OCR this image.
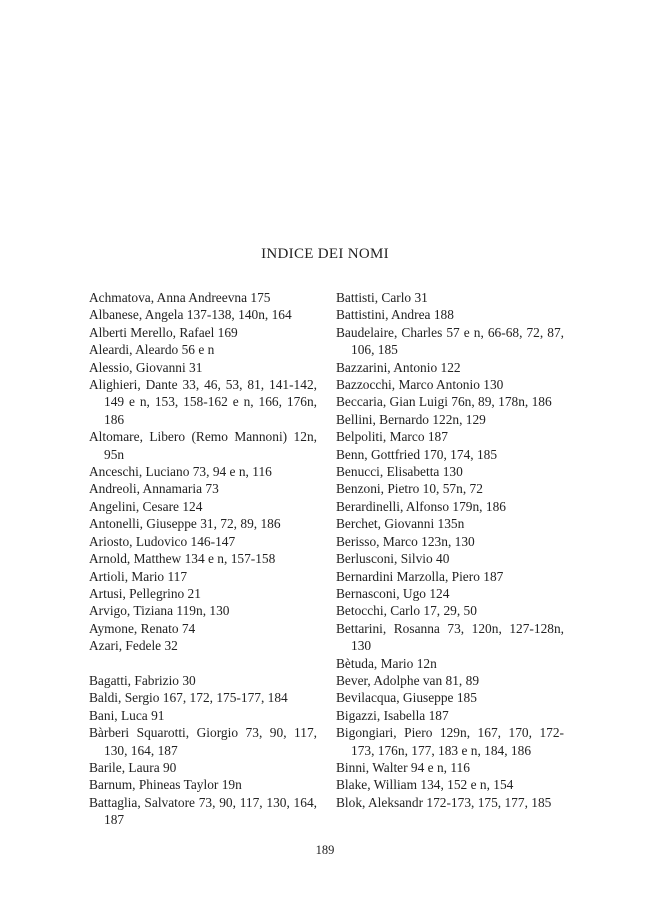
INDICE DEI NOMI
Achmatova, Anna Andreevna 175
Albanese, Angela 137-138, 140n, 164
Alberti Merello, Rafael 169
Aleardi, Aleardo 56 e n
Alessio, Giovanni 31
Alighieri, Dante 33, 46, 53, 81, 141-142, 149 e n, 153, 158-162 e n, 166, 176n, 186
Altomare, Libero (Remo Mannoni) 12n, 95n
Anceschi, Luciano 73, 94 e n, 116
Andreoli, Annamaria 73
Angelini, Cesare 124
Antonelli, Giuseppe 31, 72, 89, 186
Ariosto, Ludovico 146-147
Arnold, Matthew 134 e n, 157-158
Artioli, Mario 117
Artusi, Pellegrino 21
Arvigo, Tiziana 119n, 130
Aymone, Renato 74
Azari, Fedele 32
Bagatti, Fabrizio 30
Baldi, Sergio 167, 172, 175-177, 184
Bani, Luca 91
Bàrberi Squarotti, Giorgio 73, 90, 117, 130, 164, 187
Barile, Laura 90
Barnum, Phineas Taylor 19n
Battaglia, Salvatore 73, 90, 117, 130, 164, 187
Battisti, Carlo 31
Battistini, Andrea 188
Baudelaire, Charles 57 e n, 66-68, 72, 87, 106, 185
Bazzarini, Antonio 122
Bazzocchi, Marco Antonio 130
Beccaria, Gian Luigi 76n, 89, 178n, 186
Bellini, Bernardo 122n, 129
Belpoliti, Marco 187
Benn, Gottfried 170, 174, 185
Benucci, Elisabetta 130
Benzoni, Pietro 10, 57n, 72
Berardinelli, Alfonso 179n, 186
Berchet, Giovanni 135n
Berisso, Marco 123n, 130
Berlusconi, Silvio 40
Bernardini Marzolla, Piero 187
Bernasconi, Ugo 124
Betocchi, Carlo 17, 29, 50
Bettarini, Rosanna 73, 120n, 127-128n, 130
Bètuda, Mario 12n
Bever, Adolphe van 81, 89
Bevilacqua, Giuseppe 185
Bigazzi, Isabella 187
Bigongiari, Piero 129n, 167, 170, 172-173, 176n, 177, 183 e n, 184, 186
Binni, Walter 94 e n, 116
Blake, William 134, 152 e n, 154
Blok, Aleksandr 172-173, 175, 177, 185
189
